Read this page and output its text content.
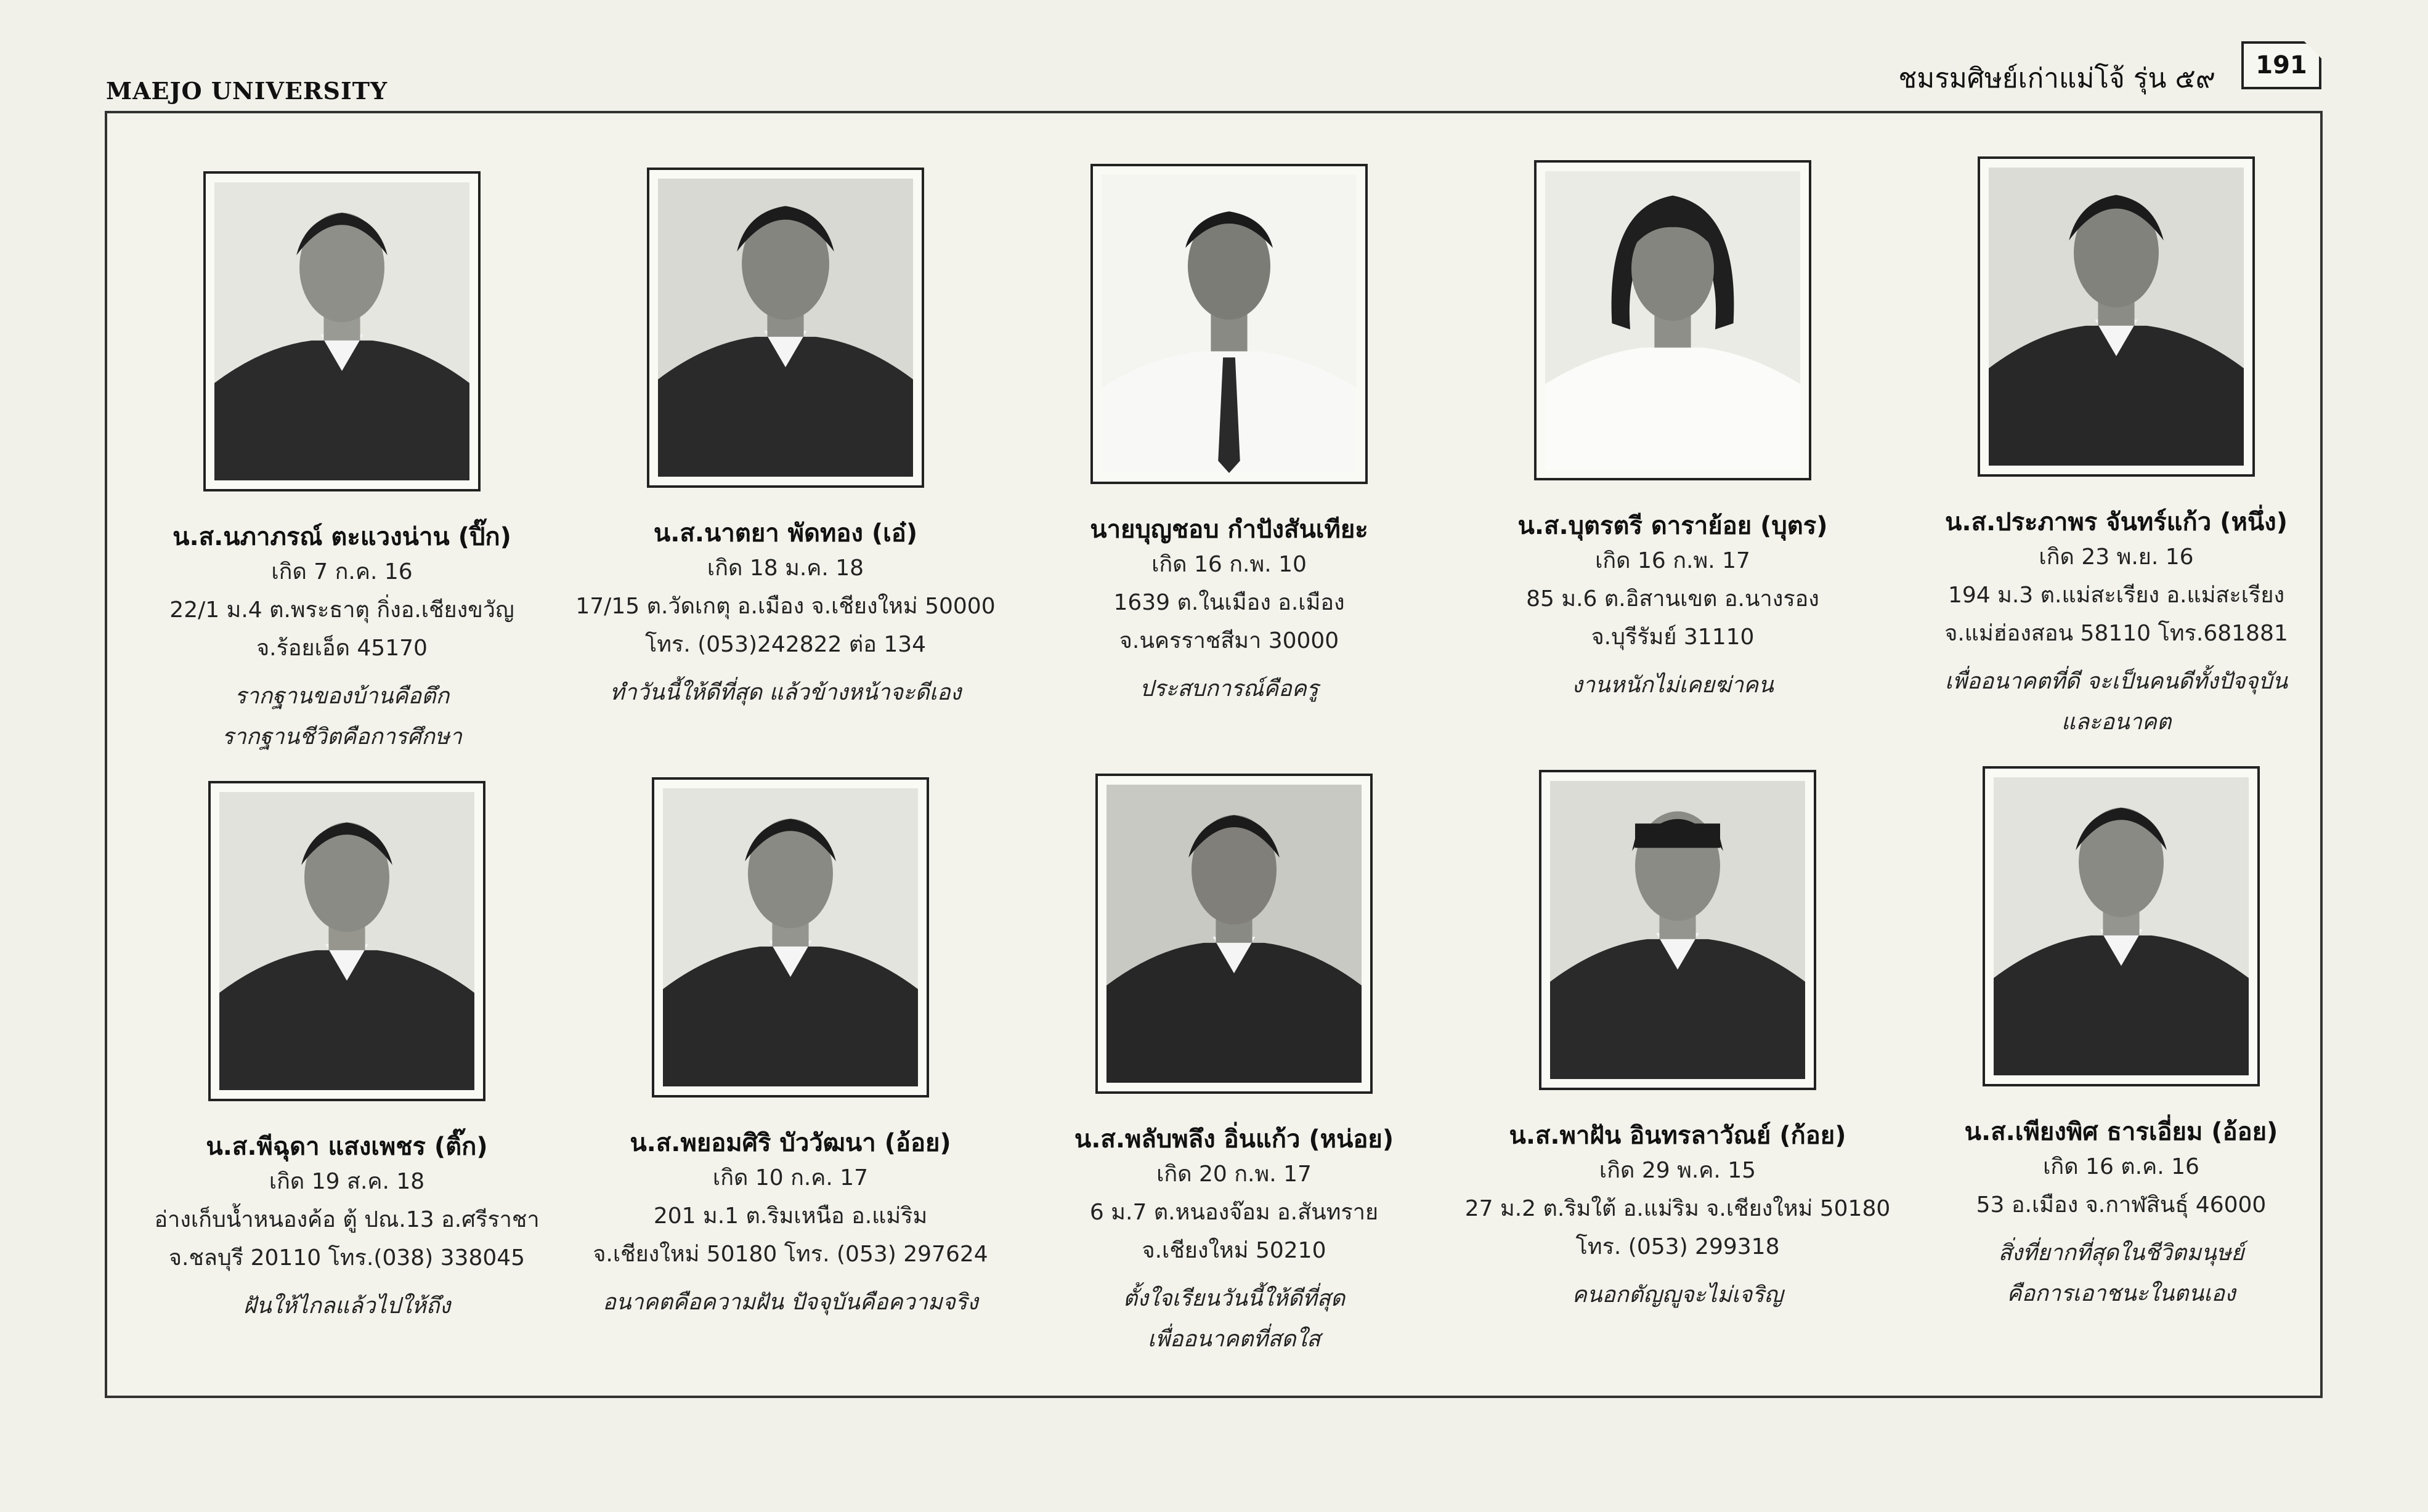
MAEJO UNIVERSITY	ชมรมศิษย์เก่าแม่โจ้ รุ่น ๕๙ 191
น.ส.นภาภรณ์ ตะแวงน่าน (ปิ๊ก)
เกิด 7 ก.ค. 16
22/1 ม.4 ต.พระธาตุ กิ่งอ.เชียงขวัญ
จ.ร้อยเอ็ด 45170
รากฐานของบ้านคือตึก
รากฐานชีวิตคือการศึกษา
น.ส.นาตยา พัดทอง (เอ๋)
เกิด 18 ม.ค. 18
17/15 ต.วัดเกตุ อ.เมือง จ.เชียงใหม่ 50000
โทร. (053)242822 ต่อ 134
ทำวันนี้ให้ดีที่สุด แล้วข้างหน้าจะดีเอง
นายบุญชอบ กำปังสันเทียะ
เกิด 16 ก.พ. 10
1639 ต.ในเมือง อ.เมือง
จ.นครราชสีมา 30000
ประสบการณ์คือครู
น.ส.บุตรตรี ดาราย้อย (บุตร)
เกิด 16 ก.พ. 17
85 ม.6 ต.อิสานเขต อ.นางรอง
จ.บุรีรัมย์ 31110
งานหนักไม่เคยฆ่าคน
น.ส.ประภาพร จันทร์แก้ว (หนึ่ง)
เกิด 23 พ.ย. 16
194 ม.3 ต.แม่สะเรียง อ.แม่สะเรียง
จ.แม่ฮ่องสอน 58110 โทร.681881
เพื่ออนาคตที่ดี จะเป็นคนดีทั้งปัจจุบัน
และอนาคต
น.ส.พีฉุดา แสงเพชร (ติ๊ก)
เกิด 19 ส.ค. 18
อ่างเก็บน้ำหนองค้อ ตู้ ปณ.13 อ.ศรีราชา
จ.ชลบุรี 20110 โทร.(038) 338045
ฝันให้ไกลแล้วไปให้ถึง
น.ส.พยอมศิริ บัววัฒนา (อ้อย)
เกิด 10 ก.ค. 17
201 ม.1 ต.ริมเหนือ อ.แม่ริม
จ.เชียงใหม่ 50180 โทร. (053) 297624
อนาคตคือความฝัน ปัจจุบันคือความจริง
น.ส.พลับพลึง อิ่นแก้ว (หน่อย)
เกิด 20 ก.พ. 17
6 ม.7 ต.หนองจ๊อม อ.สันทราย
จ.เชียงใหม่ 50210
ตั้งใจเรียนวันนี้ให้ดีที่สุด
เพื่ออนาคตที่สดใส
น.ส.พาฝัน อินทรลาวัณย์ (ก้อย)
เกิด 29 พ.ค. 15
27 ม.2 ต.ริมใต้ อ.แม่ริม จ.เชียงใหม่ 50180
โทร. (053) 299318
คนอกตัญญูจะไม่เจริญ
น.ส.เพียงพิศ ธารเอี่ยม (อ้อย)
เกิด 16 ต.ค. 16
53 อ.เมือง จ.กาฬสินธุ์ 46000
สิ่งที่ยากที่สุดในชีวิตมนุษย์
คือการเอาชนะในตนเอง
